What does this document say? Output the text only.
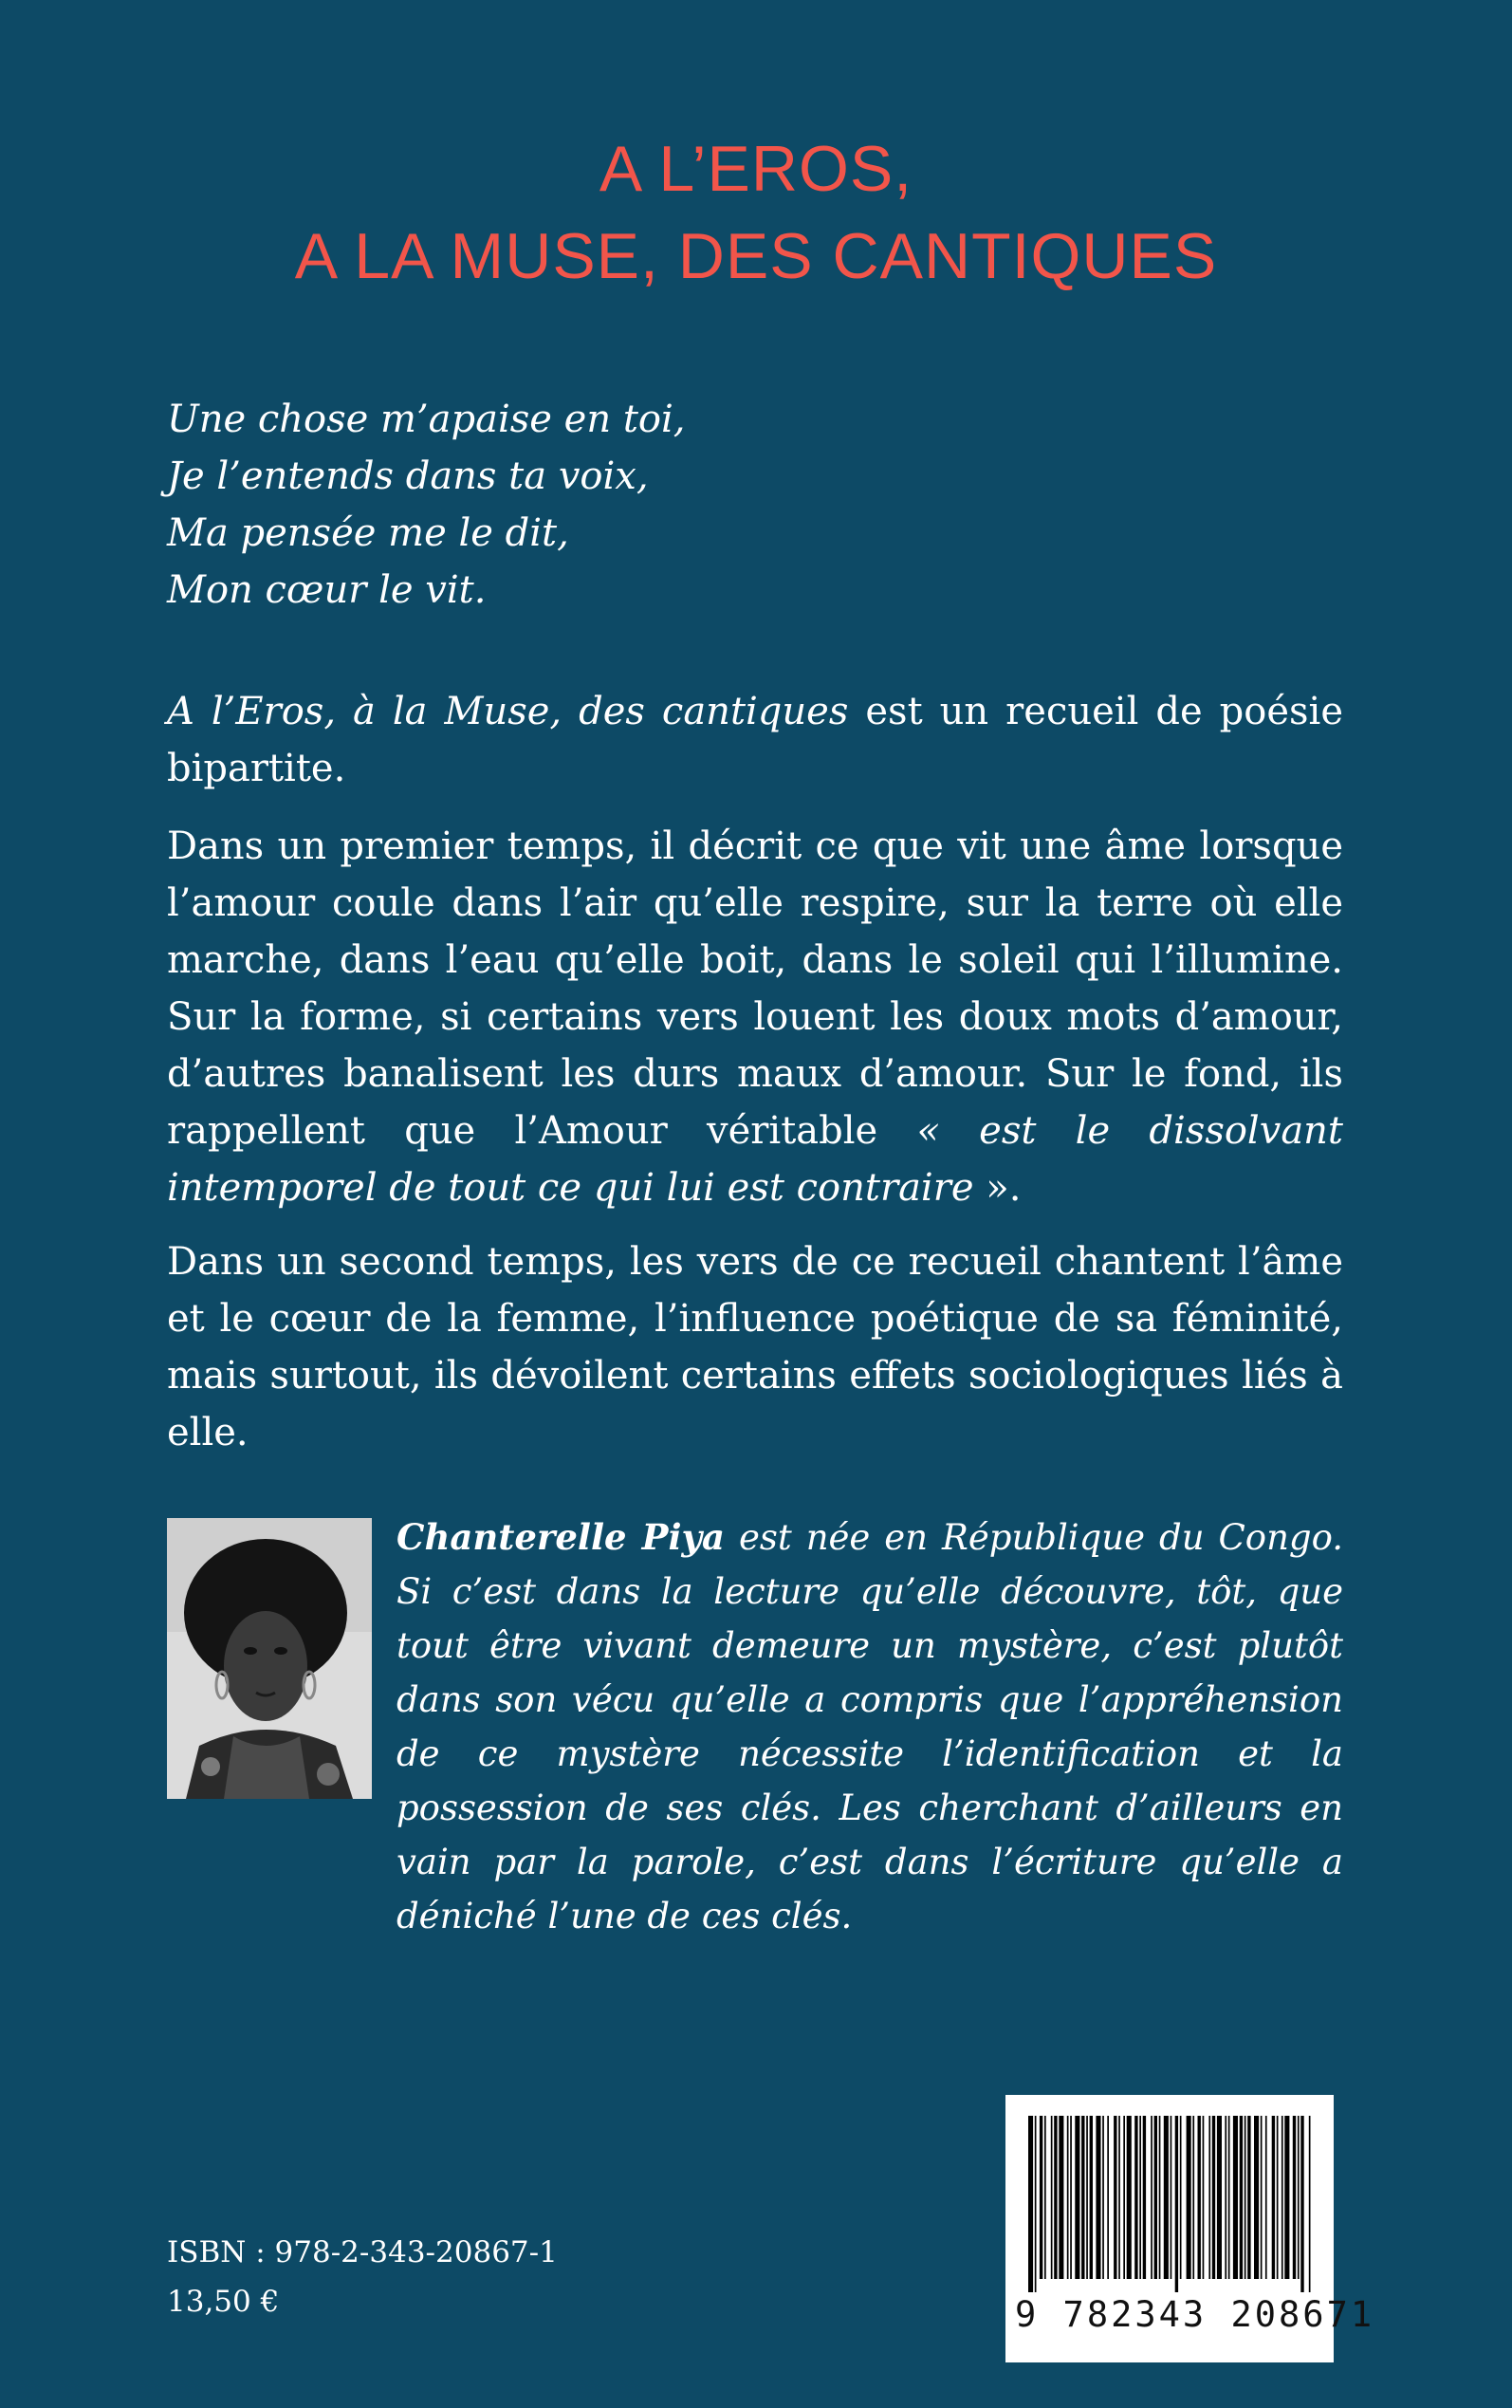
A L’EROS,
A LA MUSE, DES CANTIQUES
Une chose m’apaise en toi,
Je l’entends dans ta voix,
Ma pensée me le dit,
Mon cœur le vit.

A l’Eros, à la Muse, des cantiques est un recueil de poésie bipartite.

Dans un premier temps, il décrit ce que vit une âme lorsque l’amour coule dans l’air qu’elle respire, sur la terre où elle marche, dans l’eau qu’elle boit, dans le soleil qui l’illumine. Sur la forme, si certains vers louent les doux mots d’amour, d’autres banalisent les durs maux d’amour. Sur le fond, ils rappellent que l’Amour véritable « est le dissolvant intemporel de tout ce qui lui est contraire ».

Dans un second temps, les vers de ce recueil chantent l’âme et le cœur de la femme, l’influence poétique de sa féminité, mais surtout, ils dévoilent certains effets sociologiques liés à elle.

Chanterelle Piya est née en République du Congo. Si c’est dans la lecture qu’elle découvre, tôt, que tout être vivant demeure un mystère, c’est plutôt dans son vécu qu’elle a compris que l’appréhension de ce mystère nécessite l’identification et la possession de ses clés. Les cherchant d’ailleurs en vain par la parole, c’est dans l’écriture qu’elle a déniché l’une de ces clés.
ISBN : 978-2-343-20867-1
13,50 €	9 782343 208671
